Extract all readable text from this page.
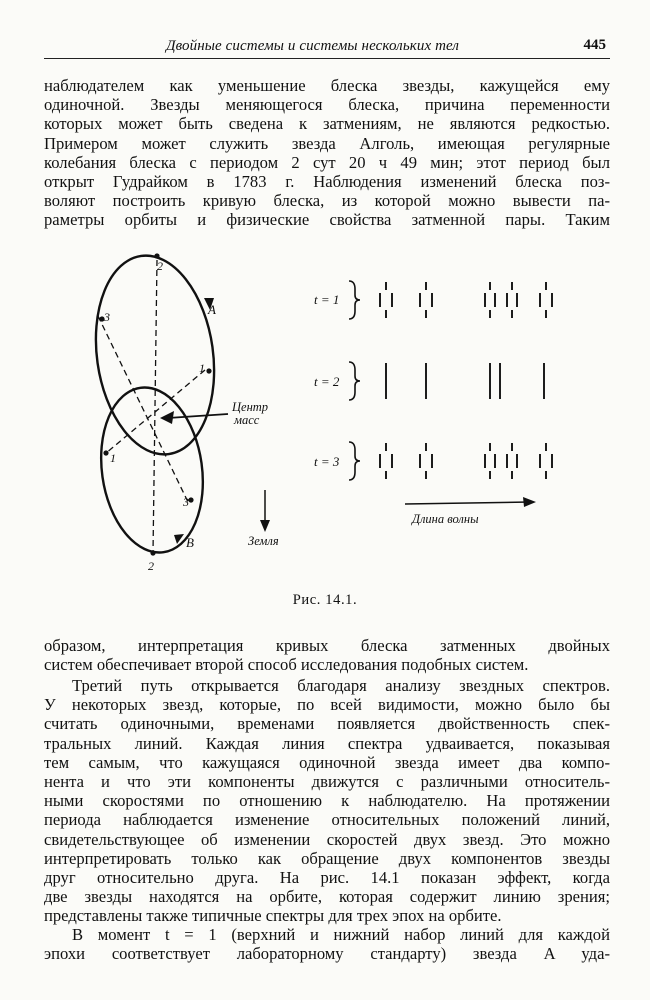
Двойные системы и системы нескольких тел	445

наблюдателем как уменьшение блеска звезды, кажущейся ему
одиночной. Звезды меняющегося блеска, причина переменности
которых может быть сведена к затмениям, не являются редкостью.
Примером может служить звезда Алголь, имеющая регулярные
колебания блеска с периодом 2 сут 20 ч 49 мин; этот период был
открыт Гудрайком в 1783 г. Наблюдения изменений блеска поз-
воляют построить кривую блеска, из которой можно вывести па-
раметры орбиты и физические свойства затменной пары. Таким

2
2
3
3
1
1
A
B
Центр
масс
Земля
Длина волны
t = 1
t = 2
t = 3
Рис. 14.1.

образом, интерпретация кривых блеска затменных двойных
систем обеспечивает второй способ исследования подобных систем.

Третий путь открывается благодаря анализу звездных спектров.
У некоторых звезд, которые, по всей видимости, можно было бы
считать одиночными, временами появляется двойственность спек-
тральных линий. Каждая линия спектра удваивается, показывая
тем самым, что кажущаяся одиночной звезда имеет два компо-
нента и что эти компоненты движутся с различными относитель-
ными скоростями по отношению к наблюдателю. На протяжении
периода наблюдается изменение относительных положений линий,
свидетельствующее об изменении скоростей двух звезд. Это можно
интерпретировать только как обращение двух компонентов звезды
друг относительно друга. На рис. 14.1 показан эффект, когда
две звезды находятся на орбите, которая содержит линию зрения;
представлены также типичные спектры для трех эпох на орбите.

В момент t = 1 (верхний и нижний набор линий для каждой
эпохи соответствует лабораторному стандарту) звезда A уда-
